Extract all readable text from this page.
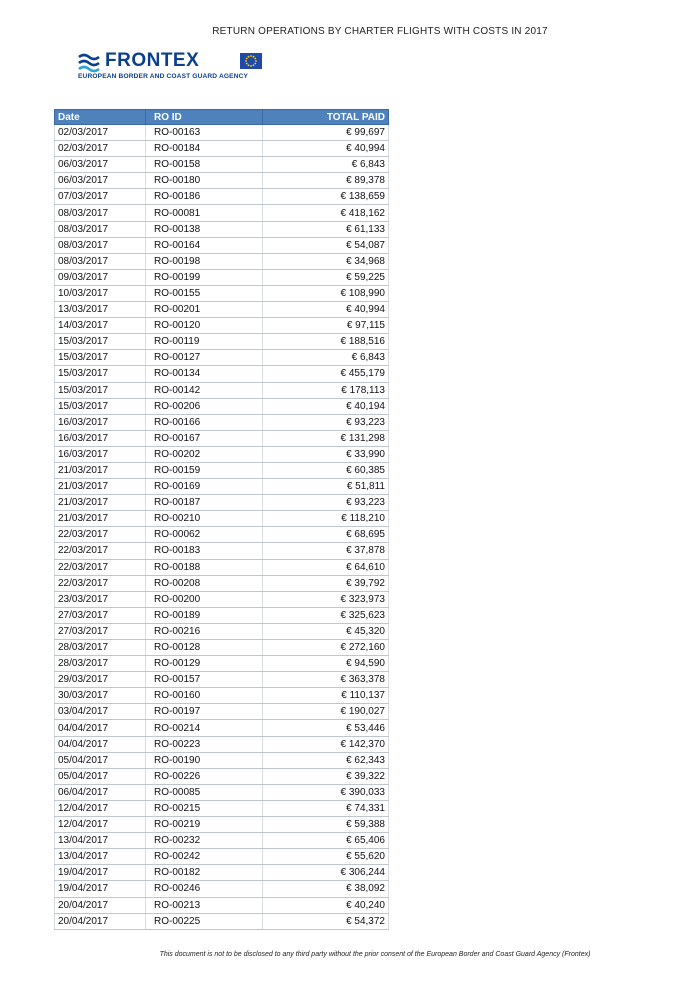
RETURN OPERATIONS BY CHARTER FLIGHTS WITH COSTS IN 2017
FRONTEX
EUROPEAN BORDER AND COAST GUARD AGENCY
Date	RO ID	TOTAL PAID
02/03/2017	RO-00163	€ 99,697
02/03/2017	RO-00184	€ 40,994
06/03/2017	RO-00158	€ 6,843
06/03/2017	RO-00180	€ 89,378
07/03/2017	RO-00186	€ 138,659
08/03/2017	RO-00081	€ 418,162
08/03/2017	RO-00138	€ 61,133
08/03/2017	RO-00164	€ 54,087
08/03/2017	RO-00198	€ 34,968
09/03/2017	RO-00199	€ 59,225
10/03/2017	RO-00155	€ 108,990
13/03/2017	RO-00201	€ 40,994
14/03/2017	RO-00120	€ 97,115
15/03/2017	RO-00119	€ 188,516
15/03/2017	RO-00127	€ 6,843
15/03/2017	RO-00134	€ 455,179
15/03/2017	RO-00142	€ 178,113
15/03/2017	RO-00206	€ 40,194
16/03/2017	RO-00166	€ 93,223
16/03/2017	RO-00167	€ 131,298
16/03/2017	RO-00202	€ 33,990
21/03/2017	RO-00159	€ 60,385
21/03/2017	RO-00169	€ 51,811
21/03/2017	RO-00187	€ 93,223
21/03/2017	RO-00210	€ 118,210
22/03/2017	RO-00062	€ 68,695
22/03/2017	RO-00183	€ 37,878
22/03/2017	RO-00188	€ 64,610
22/03/2017	RO-00208	€ 39,792
23/03/2017	RO-00200	€ 323,973
27/03/2017	RO-00189	€ 325,623
27/03/2017	RO-00216	€ 45,320
28/03/2017	RO-00128	€ 272,160
28/03/2017	RO-00129	€ 94,590
29/03/2017	RO-00157	€ 363,378
30/03/2017	RO-00160	€ 110,137
03/04/2017	RO-00197	€ 190,027
04/04/2017	RO-00214	€ 53,446
04/04/2017	RO-00223	€ 142,370
05/04/2017	RO-00190	€ 62,343
05/04/2017	RO-00226	€ 39,322
06/04/2017	RO-00085	€ 390,033
12/04/2017	RO-00215	€ 74,331
12/04/2017	RO-00219	€ 59,388
13/04/2017	RO-00232	€ 65,406
13/04/2017	RO-00242	€ 55,620
19/04/2017	RO-00182	€ 306,244
19/04/2017	RO-00246	€ 38,092
20/04/2017	RO-00213	€ 40,240
20/04/2017	RO-00225	€ 54,372
This document is not to be disclosed to any third party without the prior consent of the European Border and Coast Guard Agency (Frontex)
